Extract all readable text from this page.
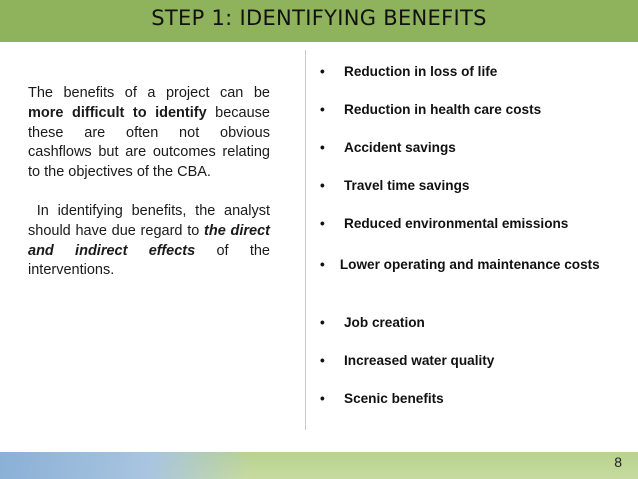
STEP 1: IDENTIFYING BENEFITS

The benefits of a project can be more difficult to identify because these are often not obvious cashflows but are outcomes relating to the objectives of the CBA.

In identifying benefits, the analyst should have due regard to the direct and indirect effects of the interventions.

•	Reduction in loss of life
•	Reduction in health care costs
•	Accident savings
•	Travel time savings
•	Reduced environmental emissions
•    Lower operating and maintenance costs
•	Job creation
•	Increased water quality
•	Scenic benefits
8
